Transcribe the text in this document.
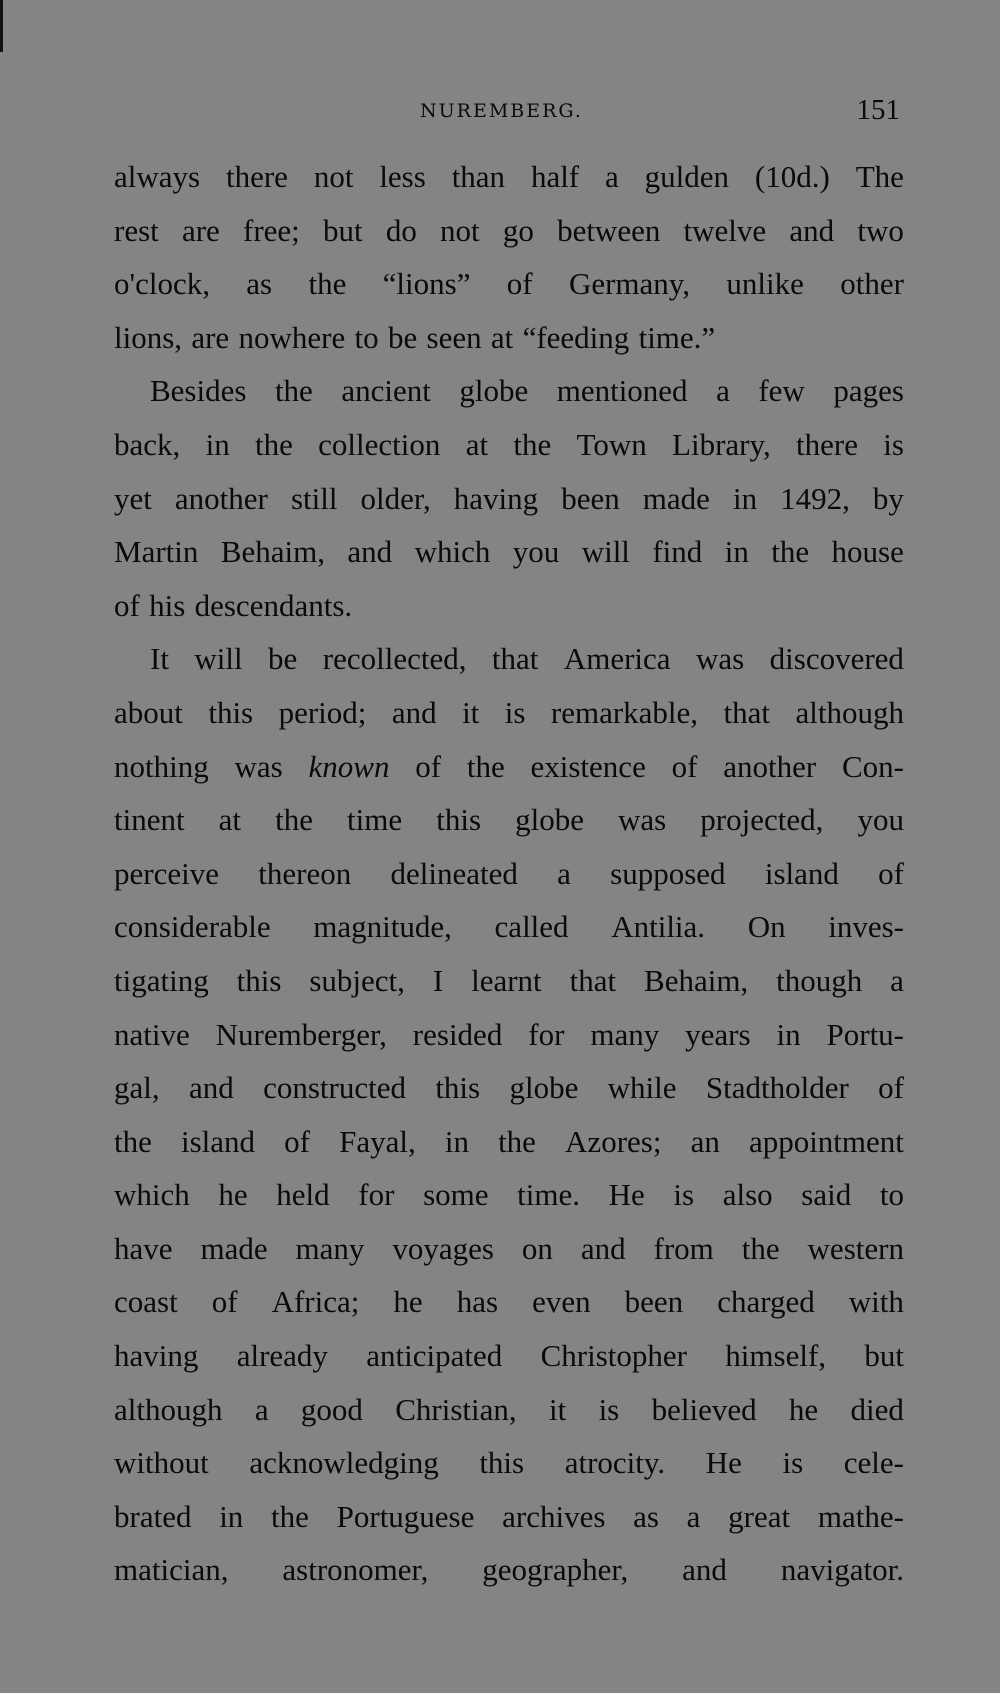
NUREMBERG.	151
always there not less than half a gulden (10d.) The
rest are free; but do not go between twelve and two
o'clock, as the “lions” of Germany, unlike other
lions, are nowhere to be seen at “feeding time.”
Besides the ancient globe mentioned a few pages
back, in the collection at the Town Library, there is
yet another still older, having been made in 1492, by
Martin Behaim, and which you will find in the house
of his descendants.
It will be recollected, that America was discovered
about this period; and it is remarkable, that although
nothing was known of the existence of another Con-
tinent at the time this globe was projected, you
perceive thereon delineated a supposed island of
considerable magnitude, called Antilia. On inves-
tigating this subject, I learnt that Behaim, though a
native Nuremberger, resided for many years in Portu-
gal, and constructed this globe while Stadtholder of
the island of Fayal, in the Azores; an appointment
which he held for some time. He is also said to
have made many voyages on and from the western
coast of Africa; he has even been charged with
having already anticipated Christopher himself, but
although a good Christian, it is believed he died
without acknowledging this atrocity. He is cele-
brated in the Portuguese archives as a great mathe-
matician, astronomer, geographer, and navigator.
